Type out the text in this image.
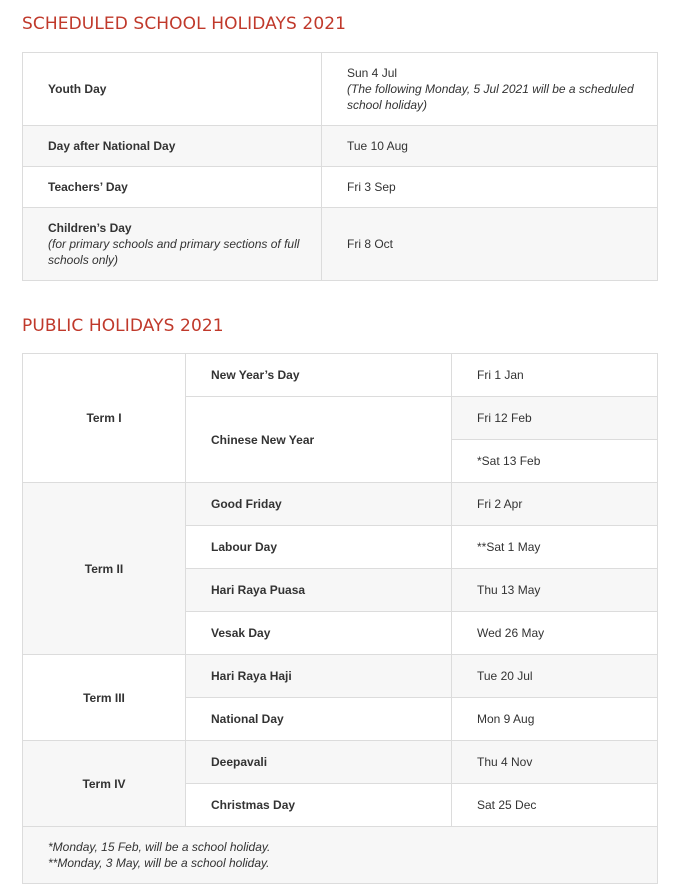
SCHEDULED SCHOOL HOLIDAYS 2021
Youth Day	Sun 4 Jul
(The following Monday, 5 Jul 2021 will be a scheduled school holiday)

Day after National Day	Tue 10 Aug
Teachers’ Day	Fri 3 Sep
Children’s Day
(for primary schools and primary sections of full schools only)	Fri 8 Oct
PUBLIC HOLIDAYS 2021
Term I	New Year’s Day	Fri 1 Jan
	Chinese New Year	Fri 12 Feb
		*Sat 13 Feb
Term II	Good Friday	Fri 2 Apr
	Labour Day	**Sat 1 May
	Hari Raya Puasa	Thu 13 May
	Vesak Day	Wed 26 May
Term III	Hari Raya Haji	Tue 20 Jul
	National Day	Mon 9 Aug
Term IV	Deepavali	Thu 4 Nov
	Christmas Day	Sat 25 Dec

*Monday, 15 Feb, will be a school holiday.
**Monday, 3 May, will be a school holiday.		
